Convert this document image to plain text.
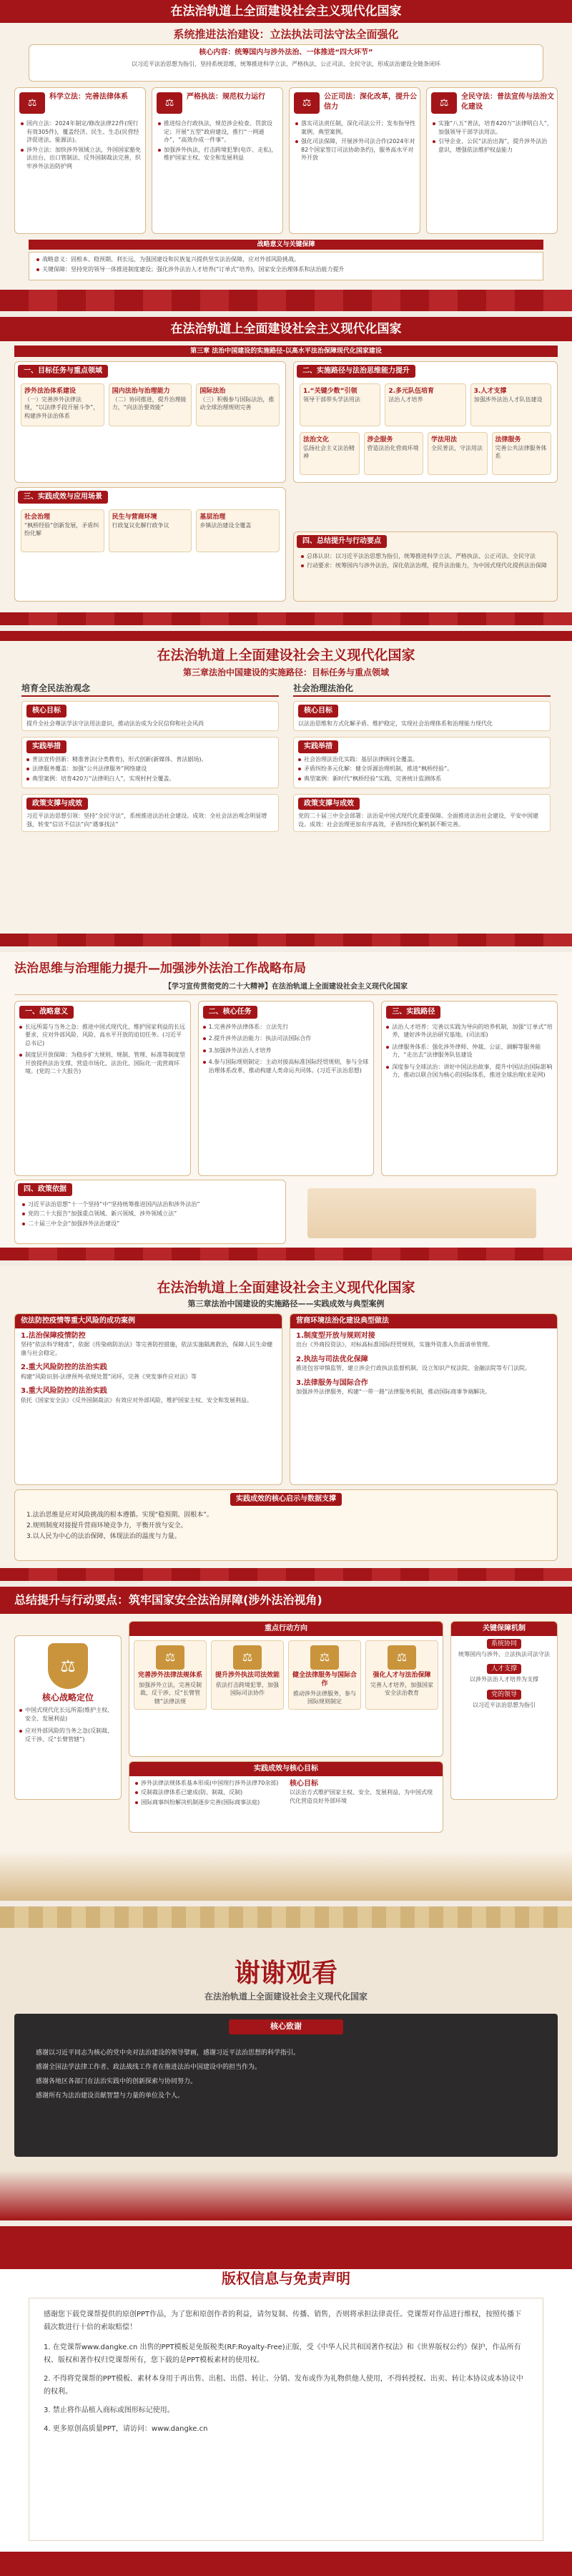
在法治轨道上全面建设社会主义现代化国家
系统推进法治建设：立法执法司法守法全面强化
核心内容：统筹国内与涉外法治、一体推进“四大环节”
以习近平法治思想为指引，坚持系统思维，统筹推进科学立法、严格执法、公正司法、全民守法，形成法治建设全链条闭环
⚖
科学立法：完善法律体系
国内立法：2024年制定/修改法律22件(现行有效305件)，覆盖经济、民生、生态(民营经济促进法、能源法)。
涉外立法：加快涉外领域立法，外国国家豁免法出台，出口管制法、反外国制裁法完善，织牢涉外法治防护网
⚖
严格执法：规范权力运行
推进综合行政执法，规范涉企检查、罚款设定；开展“五型”政府建设，推行“一网通办”，“高效办成一件事”。
加强涉外执法，打击跨境犯罪(电诈、走私)，维护国家主权、安全和发展利益
⚖
公正司法：深化改革，提升公信力
落实司法责任制，深化司法公开；发布指导性案例、典型案例。
强化司法保障，开展涉外司法合作(2024年对82个国家签订司法协助条约)，服务高水平对外开放
⚖
全民守法：普法宣传与法治文化建设
实施“八五”普法，培育420万“法律明白人”，加强领导干部学法用法。
引导企业、公民“法治出海”，提升涉外法治意识，增强依法维护权益能力
战略意义与关键保障
战略意义：固根本、稳预期、利长远，为强国建设和民族复兴提供坚实法治保障，应对外部风险挑战。
关键保障：坚持党的领导一体推进制度建设；强化涉外法治人才培养(“订单式”培养)，国家安全治理体系和法治能力提升
在法治轨道上全面建设社会主义现代化国家
第三章 法治中国建设的实施路径-以高水平法治保障现代化国家建设
一、目标任务与重点领域
涉外法治体系建设
（一）完善涉外法律法规，“以法律手段开展斗争”，构建涉外法治体系
国内法治与治理能力
（二）协同推进，提升治理能力，“向法治要效能”
国际法治
（三）积极参与国际法治，推动全球治理规则完善
二、实施路径与法治思维能力提升
1.“关键少数”引领
领导干部带头学法用法
2.多元队伍培育
法治人才培养
3.人才支撑
加强涉外法治人才队伍建设
法治文化
弘扬社会主义法治精神
涉企服务
营造法治化营商环境
学法用法
全民普法，守法用法
法律服务
完善公共法律服务体系
三、实践成效与应用场景
社会治理
“枫桥经验”创新发展，矛盾纠纷化解
民生与营商环境
行政复议化解行政争议
基层治理
乡镇法治建设全覆盖
四、总结提升与行动要点
总体认识：以习近平法治思想为指引，统筹推进科学立法、严格执法、公正司法、全民守法
行动要求：统筹国内与涉外法治，深化依法治理，提升法治能力，为中国式现代化提供法治保障
在法治轨道上全面建设社会主义现代化国家
第三章法治中国建设的实施路径：目标任务与重点领域
培育全民法治观念
核心目标
提升全社会尊法学法守法用法意识，推动法治成为全民信仰和社会风尚
实践举措
普法宣传创新：精准普法(分类教育)，形式创新(新媒体、普法剧场)。
法律服务覆盖：加强“公共法律服务”网络建设
典型案例：培育420万“法律明白人”，实现村村全覆盖。
政策支撑与成效
习近平法治思想引领：坚持“全民守法”，系统推进法治社会建设。成效：全社会法治观念明显增强，转变“信访不信法”向“遇事找法”
社会治理法治化
核心目标
以法治思维和方式化解矛盾、维护稳定，实现社会治理体系和治理能力现代化
实践举措
社会治理法治化实践：基层法律顾问全覆盖。
矛盾纠纷多元化解：健全诉源治理机制，推进“枫桥经验”。
典型案例：新时代“枫桥经验”实践，完善统计监测体系
政策支撑与成效
党的二十届三中全会部署：法治是中国式现代化重要保障。全面推进法治社会建设，平安中国建设。成效：社会治理更加有序高效，矛盾纠纷化解机制不断完善。
法治思维与治理能力提升—加强涉外法治工作战略布局
【学习宣传贯彻党的二十大精神】在法治轨道上全面建设社会主义现代化国家
一、战略意义
长远所需与当务之急：推进中国式现代化、维护国家利益的长远要求，应对外部风险、风险、高水平开放的迫切任务。(习近平总书记)
制度层开放保障：为稳步扩大规则、规制、管理、标准等制度型开放提供法治支撑，营造市场化、法治化、国际化一流营商环境。(党的二十大报告)
二、核心任务
1.完善涉外法律体系：立法先行
2.提升涉外法治能力：执法司法国际合作
3.加强涉外法治人才培养
4.参与国际规则制定：主动对接高标准国际经贸规则，参与全球治理体系改革，推动构建人类命运共同体。(习近平法治思想)
三、实践路径
法治人才培养：完善以实践为导向的培养机制，加强“订单式”培养，建好涉外法治研究基地。(司法部)
法律服务体系：强化涉外律师、仲裁、公证、调解等服务能力，“走出去”法律服务队伍建设
深度参与全球法治：讲好中国法治故事，提升中国法治国际影响力，推动以联合国为核心的国际体系，推进全球治理(求是网)
四、政策依据
习近平法治思想“十一个坚持”中“坚持统筹推进国内法治和涉外法治”
党的二十大报告“加强重点领域、新兴领域、涉外领域立法”
二十届三中全会“加强涉外法治建设”
在法治轨道上全面建设社会主义现代化国家
第三章法治中国建设的实施路径——实践成效与典型案例
依法防控疫情等重大风险的成功案例
1.法治保障疫情防控
坚持“依法科学精准”，依据《传染病防治法》等完善防控措施，依法实施隔离救治，保障人民生命健康与社会稳定。
2.重大风险防控的法治实践
构建“风险识别-法律预判-依规处置”闭环，完善《突发事件应对法》等
3.重大风险防控的法治实践
依托《国家安全法》《反外国制裁法》有效应对外部风险，维护国家主权、安全和发展利益。
营商环境法治化建设典型做法
1.制度型开放与规则对接
出台《外商投资法》，对标高标准国际经贸规则，实施外资准入负面清单管理。
2.执法与司法优化保障
推进包容审慎监管，建立涉企行政执法监督机制，设立知识产权法院、金融法院等专门法院。
3.法律服务与国际合作
加强涉外法律服务，构建“一带一路”法律服务机制，推动国际商事争端解决。
实践成效的核心启示与数据支撑
1.法治思维是应对风险挑战的根本遵循。实现“稳预期、固根本”。
2.规则制度对接提升营商环境竞争力，平衡开放与安全。
3.以人民为中心的法治保障，体现法治的温度与力量。
总结提升与行动要点：筑牢国家安全法治屏障(涉外法治视角)
⚖
核心战略定位
中国式现代化长远所需(维护主权、安全、发展利益)
应对外部风险的当务之急(反制裁、反干涉、反“长臂管辖”)
重点行动方向
⚖
完善涉外法律法规体系
加强涉外立法，完善反制裁、反干涉、反“长臂管辖”法律法规
⚖
提升涉外执法司法效能
依法打击跨境犯罪，加强国际司法协作
⚖
健全法律服务与国际合作
推动涉外法律服务，参与国际规则制定
⚖
强化人才与法治保障
完善人才培养，加强国家安全法治教育
关键保障机制
系统协同
统筹国内与涉外、立法执法司法守法
人才支撑
以涉外法治人才培养为支撑
党的领导
以习近平法治思想为指引
实践成效与核心目标
涉外法律法规体系基本形成(中国现行涉外法律70余部)
反制裁法律体系已建成(防、制裁、反制)
国际商事纠纷解决机制逐步完善(国际商事法庭)
核心目标
以法治方式维护国家主权、安全、发展利益，为中国式现代化营造良好外部环境
谢谢观看
在法治轨道上全面建设社会主义现代化国家
核心致谢
感谢以习近平同志为核心的党中央对法治建设的领导擘画，感谢习近平法治思想的科学指引。
感谢全国法学法律工作者、政法战线工作者在推进法治中国建设中的担当作为。
感谢各地区各部门在法治实践中的创新探索与协同努力。
感谢所有为法治建设贡献智慧与力量的单位及个人。
版权信息与免责声明

感谢您下载党课帮提供的原创PPT作品，为了您和原创作者的利益，请勿复制、传播、销售，否则将承担法律责任。党课帮对作品进行维权，按照传播下载次数进行十倍的索取赔偿！

1. 在党课帮www.dangke.cn 出售的PPT模板是免版税类(RF:Royalty-Free)正版，受《中华人民共和国著作权法》和《世界版权公约》保护，作品所有权、版权和著作权归党课帮所有，您下载的是PPT模板素材的使用权。

2. 不得将党课帮的PPT模板、素材本身用于再出售、出租、出借、转让、分销、发布或作为礼物供他人使用，不得转授权、出卖、转让本协议或本协议中的权利。

3. 禁止将作品植入商标或图形标记使用。

4. 更多原创高质量PPT，请访问：www.dangke.cn
